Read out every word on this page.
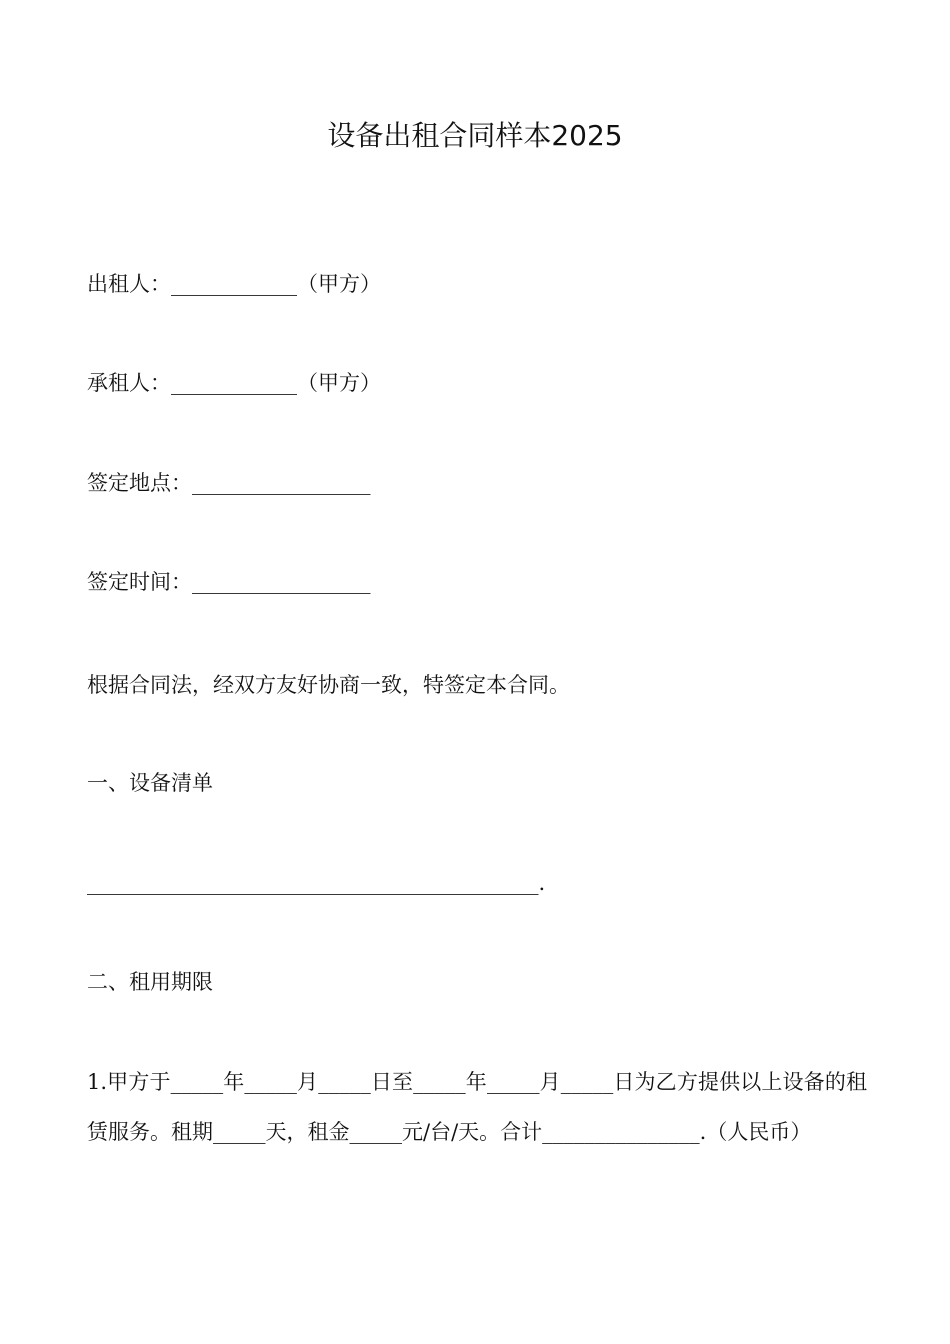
设备出租合同样本2025
出租人：____________（甲方）
承租人：____________（甲方）
签定地点：_________________
签定时间：_________________
根据合同法，经双方友好协商一致，特签定本合同。
一、设备清单
___________________________________________.
二、租用期限
1.甲方于_____年_____月_____日至_____年_____月_____日为乙方提供以上设备的租赁服务。租期_____天，租金_____元/台/天。合计_______________.（人民币）
